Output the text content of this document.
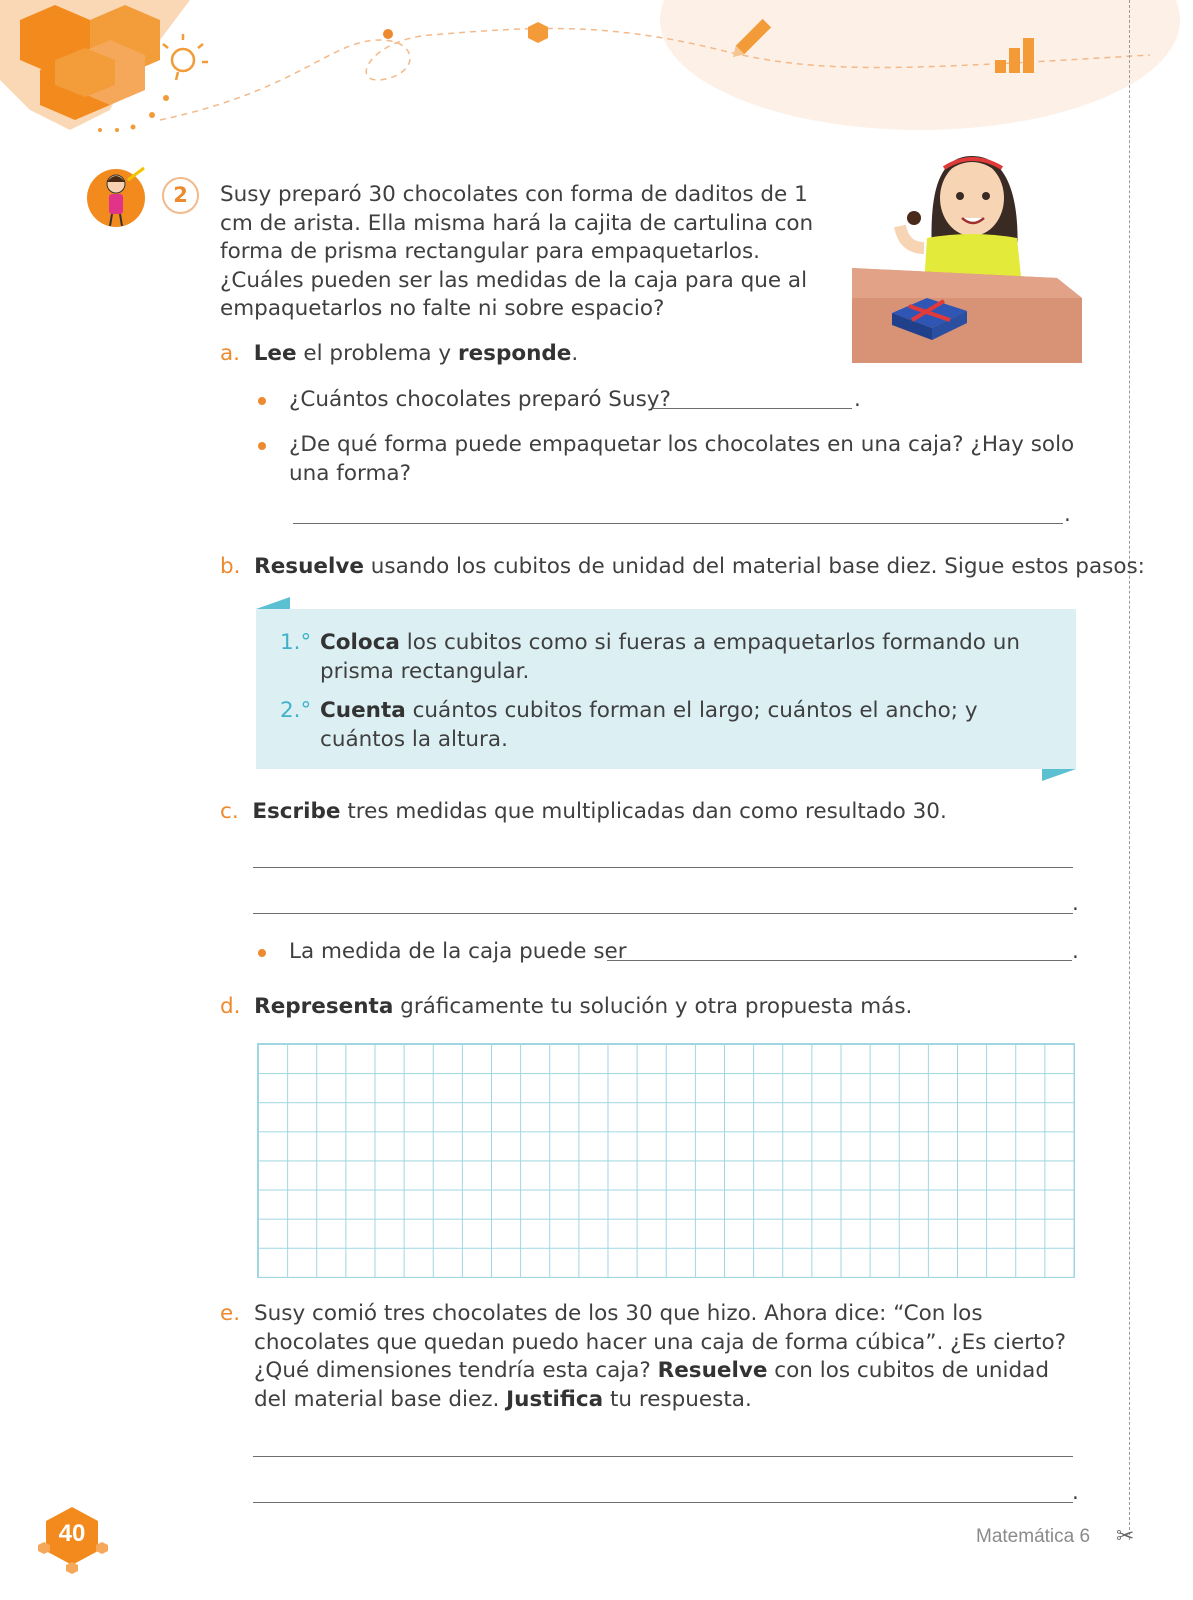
2	Susy preparó 30 chocolates con forma de daditos de 1 cm de arista. Ella misma hará la cajita de cartulina con forma de prisma rectangular para empaquetarlos. ¿Cuáles pueden ser las medidas de la caja para que al empaquetarlos no falte ni sobre espacio?
a. Lee el problema y responde.
¿Cuántos chocolates preparó Susy?	.
¿De qué forma puede empaquetar los chocolates en una caja? ¿Hay solo una forma?
.
b. Resuelve usando los cubitos de unidad del material base diez. Sigue estos pasos:
1.° Coloca los cubitos como si fueras a empaquetarlos formando un prisma rectangular.
2.° Cuenta cuántos cubitos forman el largo; cuántos el ancho; y cuántos la altura.
c. Escribe tres medidas que multiplicadas dan como resultado 30.
.
La medida de la caja puede ser	.
d. Representa gráficamente tu solución y otra propuesta más.
e. Susy comió tres chocolates de los 30 que hizo. Ahora dice: “Con los chocolates que quedan puedo hacer una caja de forma cúbica”. ¿Es cierto? ¿Qué dimensiones tendría esta caja? Resuelve con los cubitos de unidad del material base diez. Justifica tu respuesta.
.
40	Matemática 6 ✂
